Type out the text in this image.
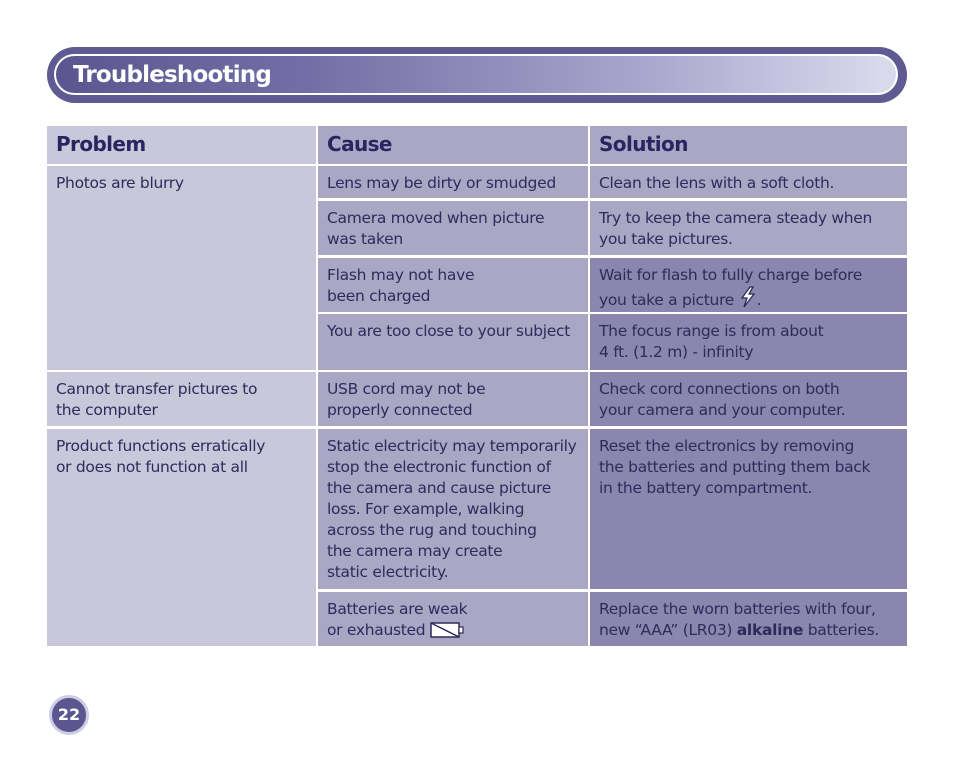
Troubleshooting
Problem	Cause	Solution
Photos are blurry
Cannot transfer pictures to
the computer
Product functions erratically
or does not function at all
Lens may be dirty or smudged
Camera moved when picture
was taken
Flash may not have
been charged
You are too close to your subject
USB cord may not be
properly connected
Static electricity may temporarily
stop the electronic function of
the camera and cause picture
loss. For example, walking
across the rug and touching
the camera may create
static electricity.
Batteries are weak
or exhausted
Clean the lens with a soft cloth.
Try to keep the camera steady when
you take pictures.
Wait for flash to fully charge before
you take a picture .
The focus range is from about
4 ft. (1.2 m) - infinity
Check cord connections on both
your camera and your computer.
Reset the electronics by removing
the batteries and putting them back
in the battery compartment.
Replace the worn batteries with four,
new “AAA” (LR03) alkaline batteries.
22
